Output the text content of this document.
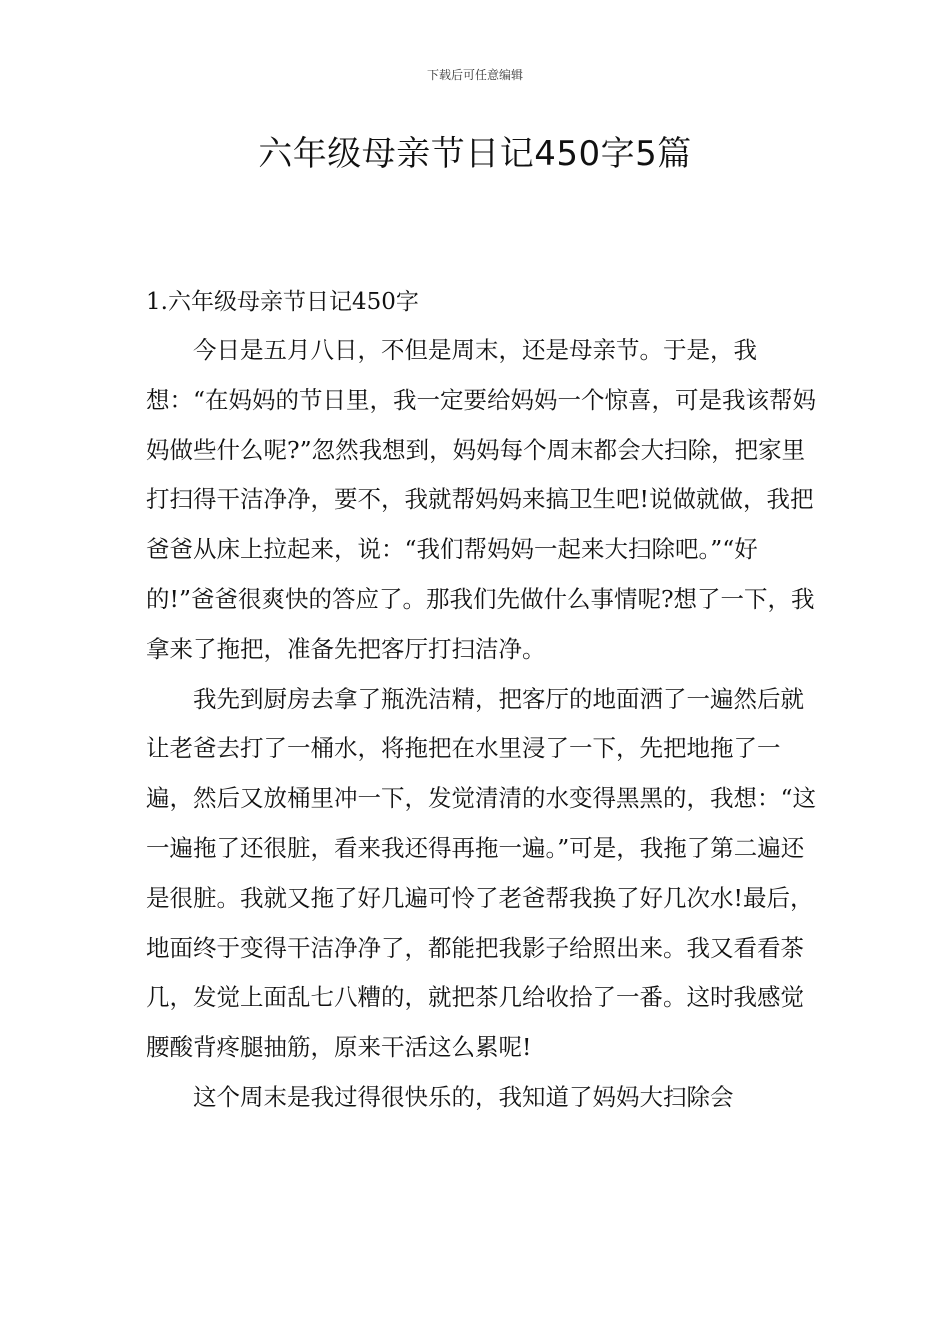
下载后可任意编辑
六年级母亲节日记450字5篇
1.六年级母亲节日记450字

今日是五月八日，不但是周末，还是母亲节。于是，我想：“在妈妈的节日里，我一定要给妈妈一个惊喜，可是我该帮妈妈做些什么呢?”忽然我想到，妈妈每个周末都会大扫除，把家里打扫得干洁净净，要不，我就帮妈妈来搞卫生吧!说做就做，我把爸爸从床上拉起来，说：“我们帮妈妈一起来大扫除吧。”“好的!”爸爸很爽快的答应了。那我们先做什么事情呢?想了一下，我拿来了拖把，准备先把客厅打扫洁净。

我先到厨房去拿了瓶洗洁精，把客厅的地面洒了一遍然后就让老爸去打了一桶水，将拖把在水里浸了一下，先把地拖了一遍，然后又放桶里冲一下，发觉清清的水变得黑黑的，我想：“这一遍拖了还很脏，看来我还得再拖一遍。”可是，我拖了第二遍还是很脏。我就又拖了好几遍可怜了老爸帮我换了好几次水!最后，地面终于变得干洁净净了，都能把我影子给照出来。我又看看茶几，发觉上面乱七八糟的，就把茶几给收拾了一番。这时我感觉腰酸背疼腿抽筋，原来干活这么累呢!

这个周末是我过得很快乐的，我知道了妈妈大扫除会
